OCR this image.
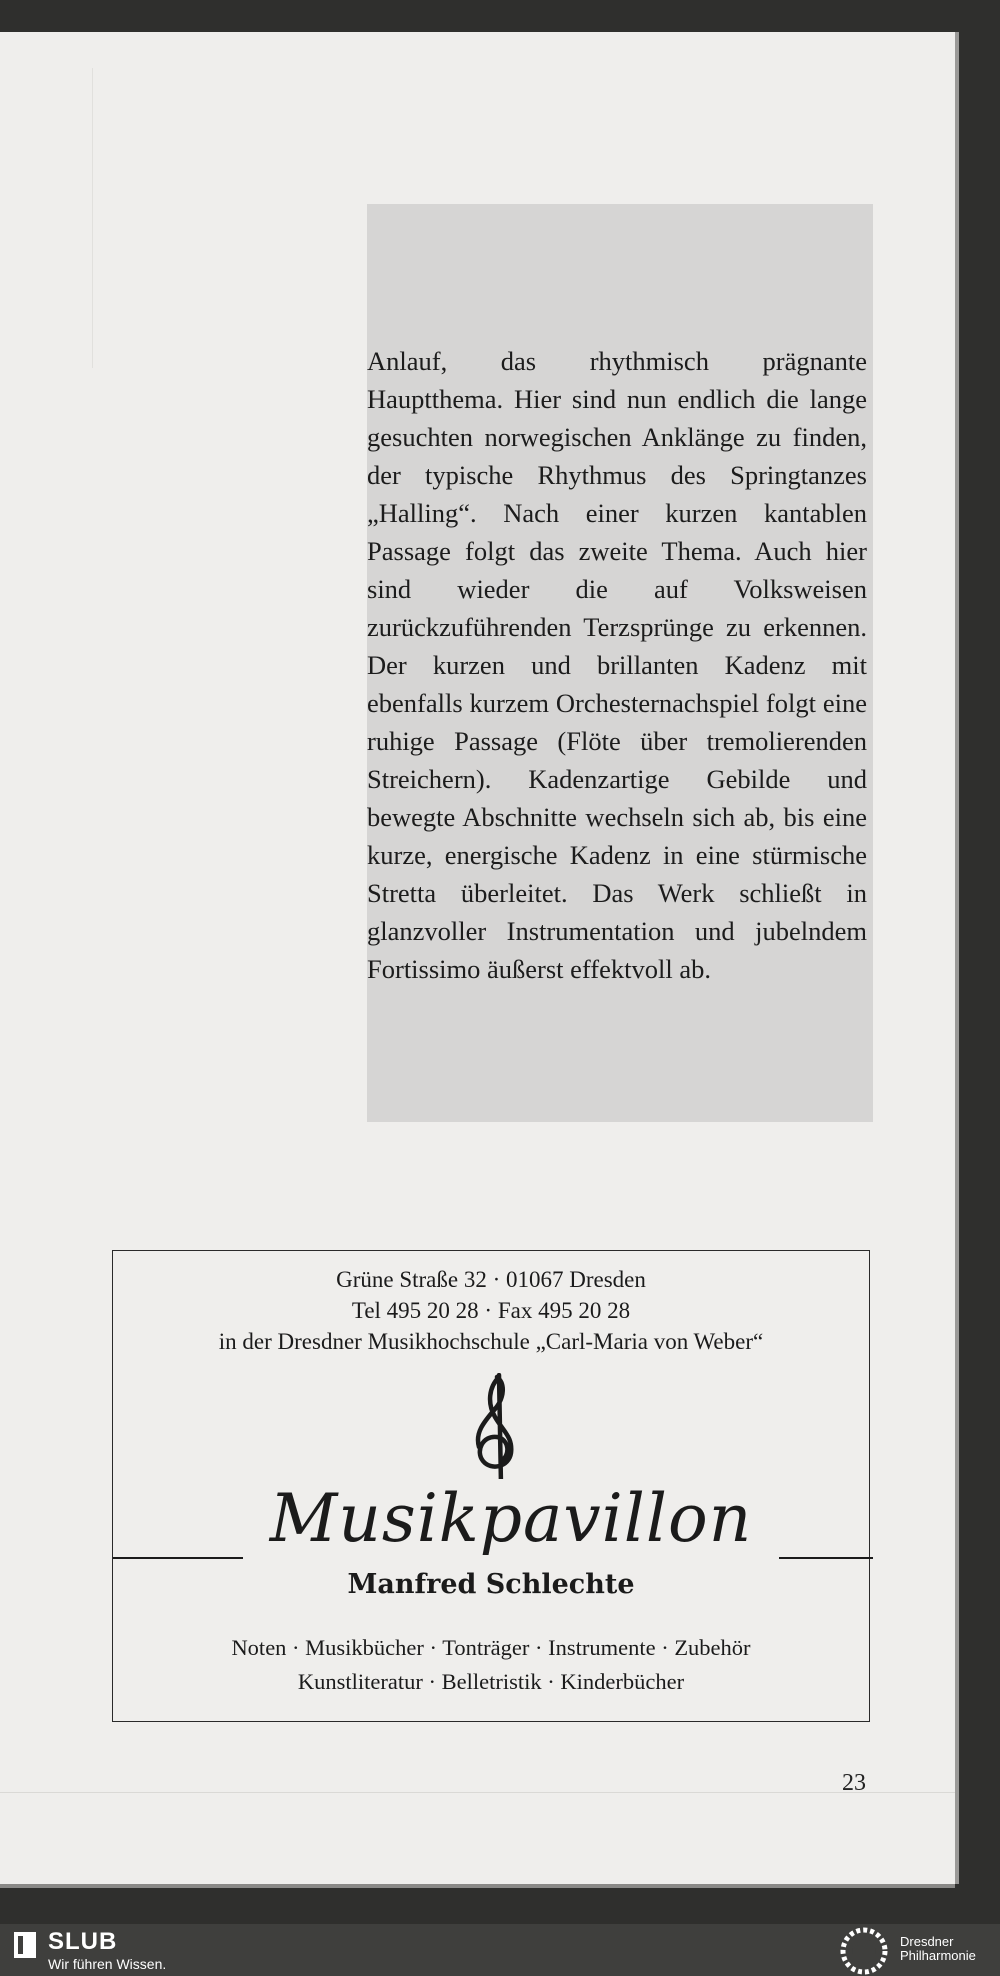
Anlauf, das rhythmisch prägnante Hauptthema. Hier sind nun endlich die lange gesuchten norwegischen Anklänge zu finden, der typische Rhythmus des Springtanzes „Halling“. Nach einer kurzen kantablen Passage folgt das zweite Thema. Auch hier sind wieder die auf Volksweisen zurückzuführenden Terzsprünge zu erkennen. Der kurzen und brillanten Kadenz mit ebenfalls kurzem Orchesternachspiel folgt eine ruhige Passage (Flöte über tremolierenden Streichern). Kadenzartige Gebilde und bewegte Abschnitte wechseln sich ab, bis eine kurze, energische Kadenz in eine stürmische Stretta überleitet. Das Werk schließt in glanzvoller Instrumentation und jubelndem Fortissimo äußerst effektvoll ab.

Grüne Straße 32 · 01067 Dresden
Tel 495 20 28 · Fax 495 20 28
in der Dresdner Musikhochschule „Carl-Maria von Weber“
Musikpavillon
Manfred Schlechte
Noten · Musikbücher · Tonträger · Instrumente · Zubehör
Kunstliteratur · Belletristik · Kinderbücher
23
SLUB
Wir führen Wissen.
Dresdner
Philharmonie
